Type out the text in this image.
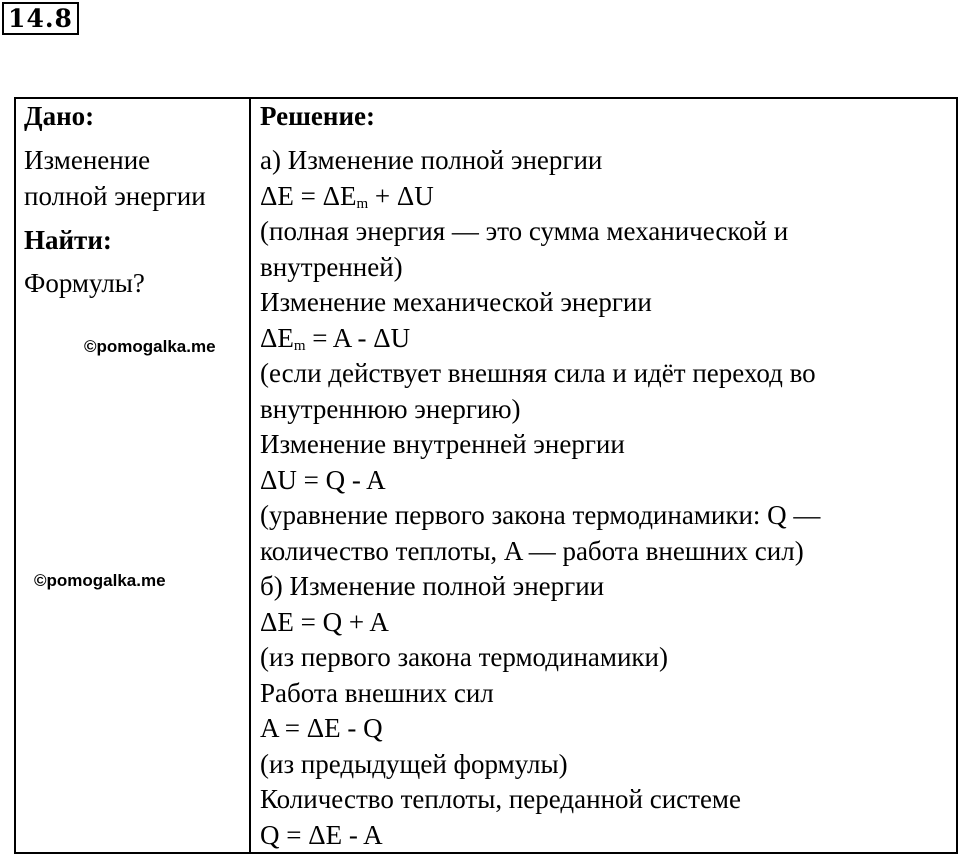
14.8
Дано:
Изменение
полной энергии
Найти:
Формулы?
©pomogalka.me
©pomogalka.me
Решение:
а) Изменение полной энергии
$\Delta E = \Delta E_m + \Delta U$
(полная энергия — это сумма механической и
внутренней)
Изменение механической энергии
$\Delta E_m = A - \Delta U$
(если действует внешняя сила и идёт переход во
внутреннюю энергию)
Изменение внутренней энергии
ΔU = Q - A
(уравнение первого закона термодинамики: Q —
количество теплоты, A — работа внешних сил)
б) Изменение полной энергии
ΔE = Q + A
(из первого закона термодинамики)
Работа внешних сил
A = ΔE - Q
(из предыдущей формулы)
Количество теплоты, переданной системе
Q = ΔE - A
